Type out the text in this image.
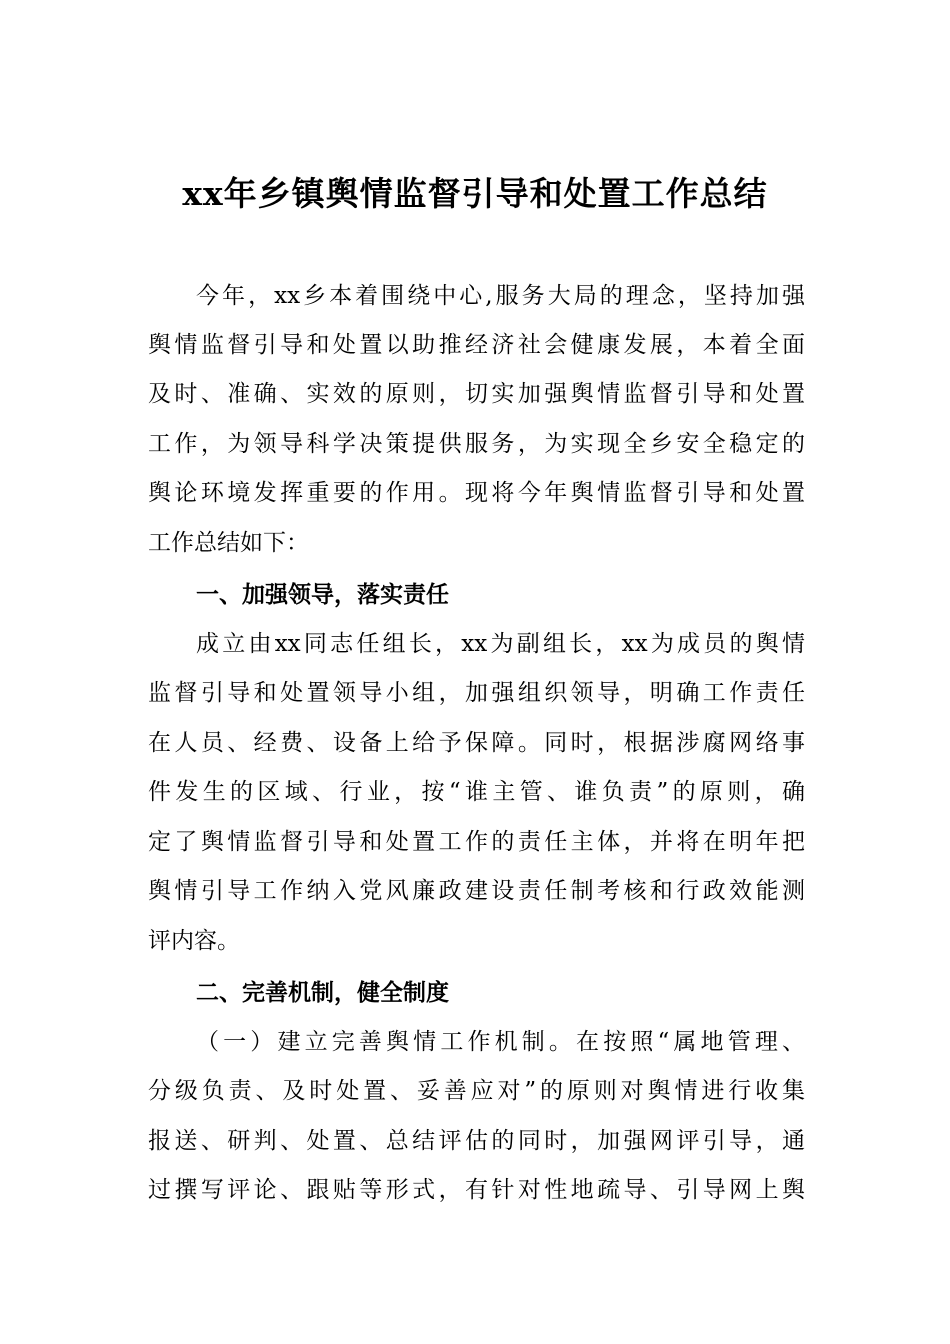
xx年乡镇舆情监督引导和处置工作总结
今年，xx乡本着围绕中心,服务大局的理念，坚持加强
舆情监督引导和处置以助推经济社会健康发展，本着全面
及时、准确、实效的原则，切实加强舆情监督引导和处置
工作，为领导科学决策提供服务，为实现全乡安全稳定的
舆论环境发挥重要的作用。现将今年舆情监督引导和处置
工作总结如下：
一、加强领导，落实责任
成立由xx同志任组长，xx为副组长，xx为成员的舆情
监督引导和处置领导小组，加强组织领导，明确工作责任
在人员、经费、设备上给予保障。同时，根据涉腐网络事
件发生的区域、行业，按“谁主管、谁负责”的原则，确
定了舆情监督引导和处置工作的责任主体，并将在明年把
舆情引导工作纳入党风廉政建设责任制考核和行政效能测
评内容。
二、完善机制，健全制度
（一）建立完善舆情工作机制。在按照“属地管理、
分级负责、及时处置、妥善应对”的原则对舆情进行收集
报送、研判、处置、总结评估的同时，加强网评引导，通
过撰写评论、跟贴等形式，有针对性地疏导、引导网上舆
